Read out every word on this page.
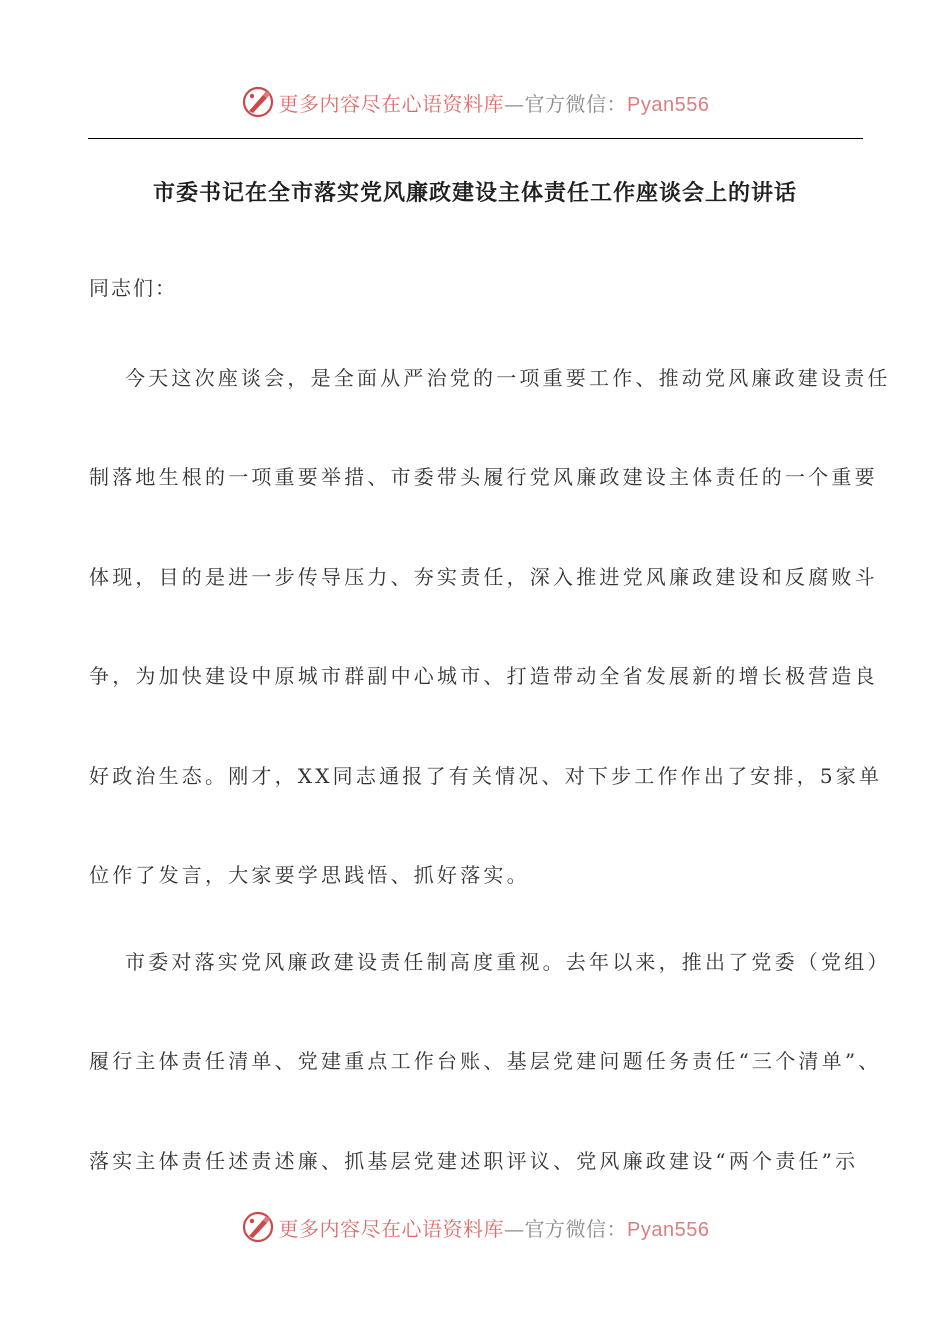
更多内容尽在心语资料库—官方微信：Pyan556
市委书记在全市落实党风廉政建设主体责任工作座谈会上的讲话
同志们：
今天这次座谈会，是全面从严治党的一项重要工作、推动党风廉政建设责任
制落地生根的一项重要举措、市委带头履行党风廉政建设主体责任的一个重要
体现，目的是进一步传导压力、夯实责任，深入推进党风廉政建设和反腐败斗
争，为加快建设中原城市群副中心城市、打造带动全省发展新的增长极营造良
好政治生态。刚才，XX同志通报了有关情况、对下步工作作出了安排，5家单
位作了发言，大家要学思践悟、抓好落实。
市委对落实党风廉政建设责任制高度重视。去年以来，推出了党委（党组）
履行主体责任清单、党建重点工作台账、基层党建问题任务责任“三个清单”、
落实主体责任述责述廉、抓基层党建述职评议、党风廉政建设“两个责任”示
更多内容尽在心语资料库—官方微信：Pyan556
